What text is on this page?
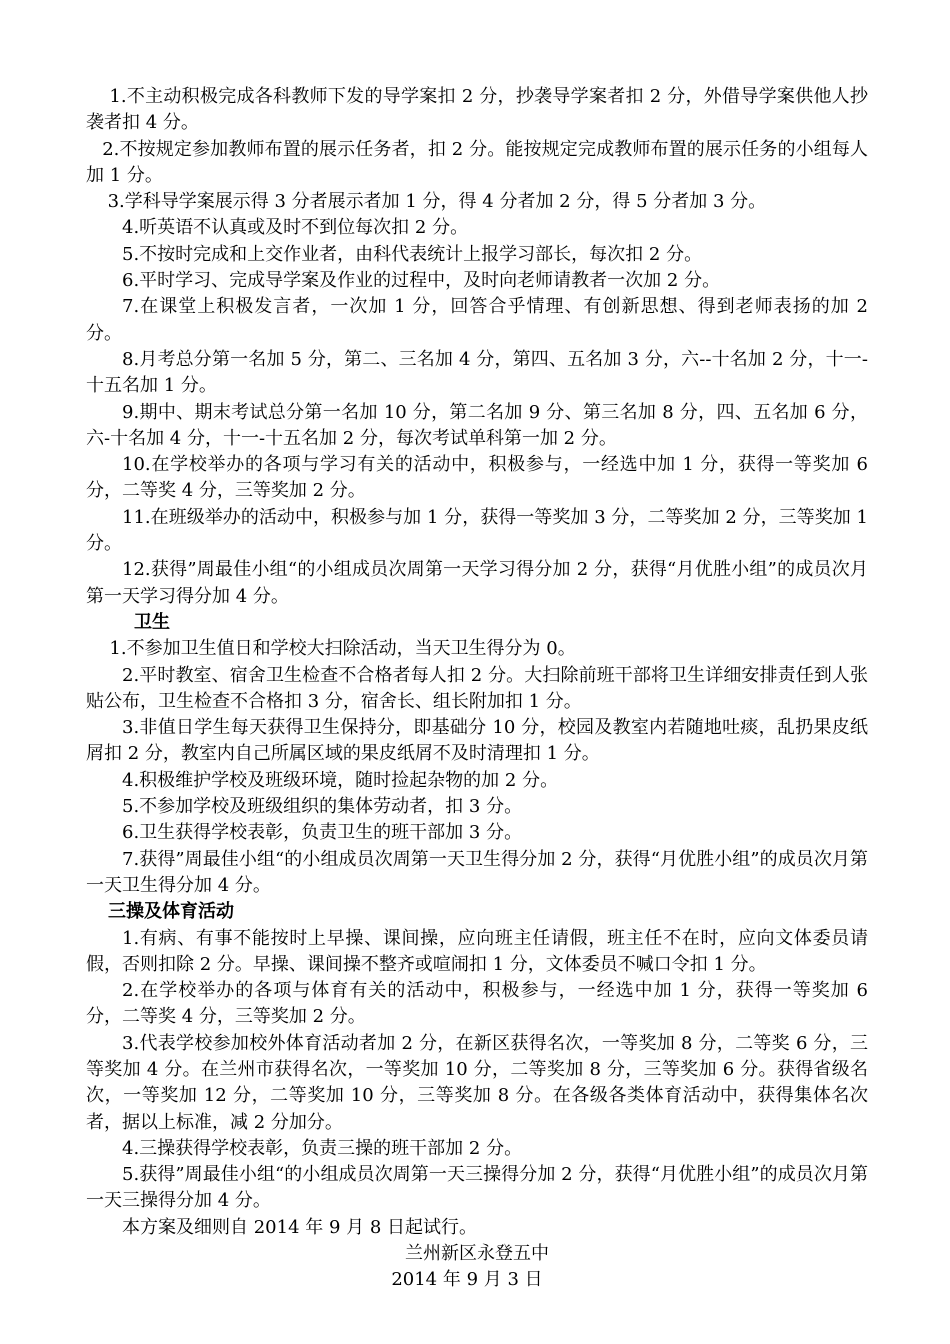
1.不主动积极完成各科教师下发的导学案扣 2 分，抄袭导学案者扣 2 分，外借导学案供他人抄袭者扣 4 分。

2.不按规定参加教师布置的展示任务者，扣 2 分。能按规定完成教师布置的展示任务的小组每人加 1 分。

3.学科导学案展示得 3 分者展示者加 1 分，得 4 分者加 2 分，得 5 分者加 3 分。

4.听英语不认真或及时不到位每次扣 2 分。

5.不按时完成和上交作业者，由科代表统计上报学习部长，每次扣 2 分。

6.平时学习、完成导学案及作业的过程中，及时向老师请教者一次加 2 分。

7.在课堂上积极发言者，一次加 1 分，回答合乎情理、有创新思想、得到老师表扬的加 2 分。

8.月考总分第一名加 5 分，第二、三名加 4 分，第四、五名加 3 分，六--十名加 2 分，十一-十五名加 1 分。

9.期中、期末考试总分第一名加 10 分，第二名加 9 分、第三名加 8 分，四、五名加 6 分，六-十名加 4 分，十一-十五名加 2 分，每次考试单科第一加 2 分。

10.在学校举办的各项与学习有关的活动中，积极参与，一经选中加 1 分，获得一等奖加 6 分，二等奖 4 分，三等奖加 2 分。

11.在班级举办的活动中，积极参与加 1 分，获得一等奖加 3 分，二等奖加 2 分，三等奖加 1 分。

12.获得”周最佳小组“的小组成员次周第一天学习得分加 2 分，获得“月优胜小组”的成员次月第一天学习得分加 4 分。

卫生

1.不参加卫生值日和学校大扫除活动，当天卫生得分为 0。

2.平时教室、宿舍卫生检查不合格者每人扣 2 分。大扫除前班干部将卫生详细安排责任到人张贴公布，卫生检查不合格扣 3 分，宿舍长、组长附加扣 1 分。

3.非值日学生每天获得卫生保持分，即基础分 10 分，校园及教室内若随地吐痰，乱扔果皮纸屑扣 2 分，教室内自己所属区域的果皮纸屑不及时清理扣 1 分。

4.积极维护学校及班级环境，随时捡起杂物的加 2 分。

5.不参加学校及班级组织的集体劳动者，扣 3 分。

6.卫生获得学校表彰，负责卫生的班干部加 3 分。

7.获得”周最佳小组“的小组成员次周第一天卫生得分加 2 分，获得“月优胜小组”的成员次月第一天卫生得分加 4 分。

三操及体育活动

1.有病、有事不能按时上早操、课间操，应向班主任请假，班主任不在时，应向文体委员请假，否则扣除 2 分。早操、课间操不整齐或喧闹扣 1 分，文体委员不喊口令扣 1 分。

2.在学校举办的各项与体育有关的活动中，积极参与，一经选中加 1 分，获得一等奖加 6 分，二等奖 4 分，三等奖加 2 分。

3.代表学校参加校外体育活动者加 2 分，在新区获得名次，一等奖加 8 分，二等奖 6 分，三等奖加 4 分。在兰州市获得名次，一等奖加 10 分，二等奖加 8 分，三等奖加 6 分。获得省级名次，一等奖加 12 分，二等奖加 10 分，三等奖加 8 分。在各级各类体育活动中，获得集体名次者，据以上标准，减 2 分加分。

4.三操获得学校表彰，负责三操的班干部加 2 分。

5.获得”周最佳小组“的小组成员次周第一天三操得分加 2 分，获得“月优胜小组”的成员次月第一天三操得分加 4 分。

本方案及细则自 2014 年 9 月 8 日起试行。

兰州新区永登五中

2014 年 9 月 3 日
